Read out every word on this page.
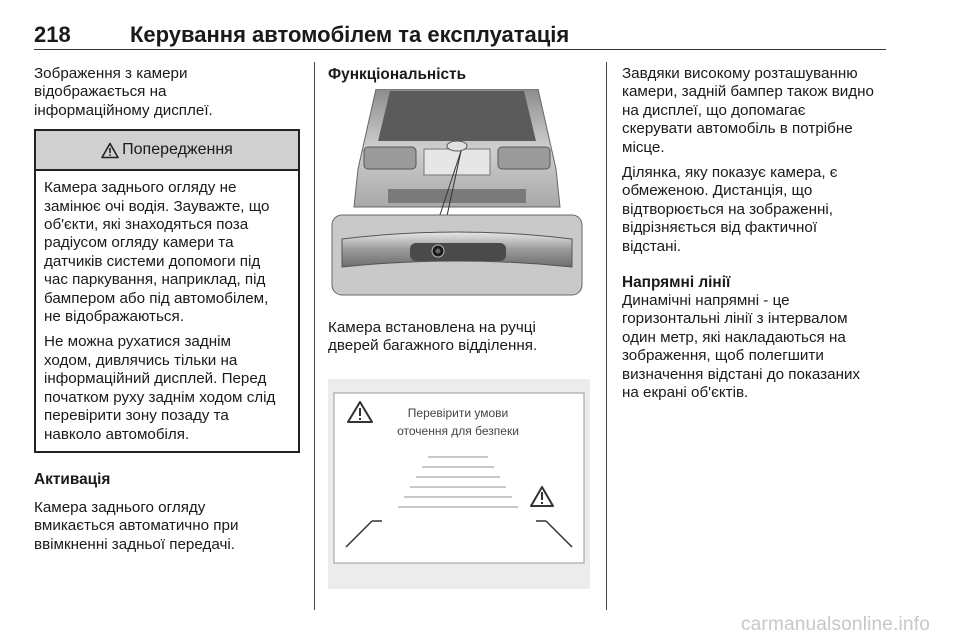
218	Керування автомобілем та експлуатація

Зображення з камери
відображається на
інформаційному дисплеї.

Попередження

Камера заднього огляду не
замінює очі водія. Зауважте, що
об'єкти, які знаходяться поза
радіусом огляду камери та
датчиків системи допомоги під
час паркування, наприклад, під
бампером або під автомобілем,
не відображаються.

Не можна рухатися заднім
ходом, дивлячись тільки на
інформаційний дисплей. Перед
початком руху заднім ходом слід
перевірити зону позаду та
навколо автомобіля.

Активація

Камера заднього огляду
вмикається автоматично при
ввімкненні задньої передачі.

Функціональність

Камера встановлена на ручці
дверей багажного відділення.

Перевірити умови
оточення для безпеки

Завдяки високому розташуванню
камери, задній бампер також видно
на дисплеї, що допомагає
скерувати автомобіль в потрібне
місце.

Ділянка, яку показує камера, є
обмеженою. Дистанція, що
відтворюється на зображенні,
відрізняється від фактичної
відстані.

Напрямні лінії

Динамічні напрямні - це
горизонтальні лінії з інтервалом
один метр, які накладаються на
зображення, щоб полегшити
визначення відстані до показаних
на екрані об'єктів.

carmanualsonline.info
